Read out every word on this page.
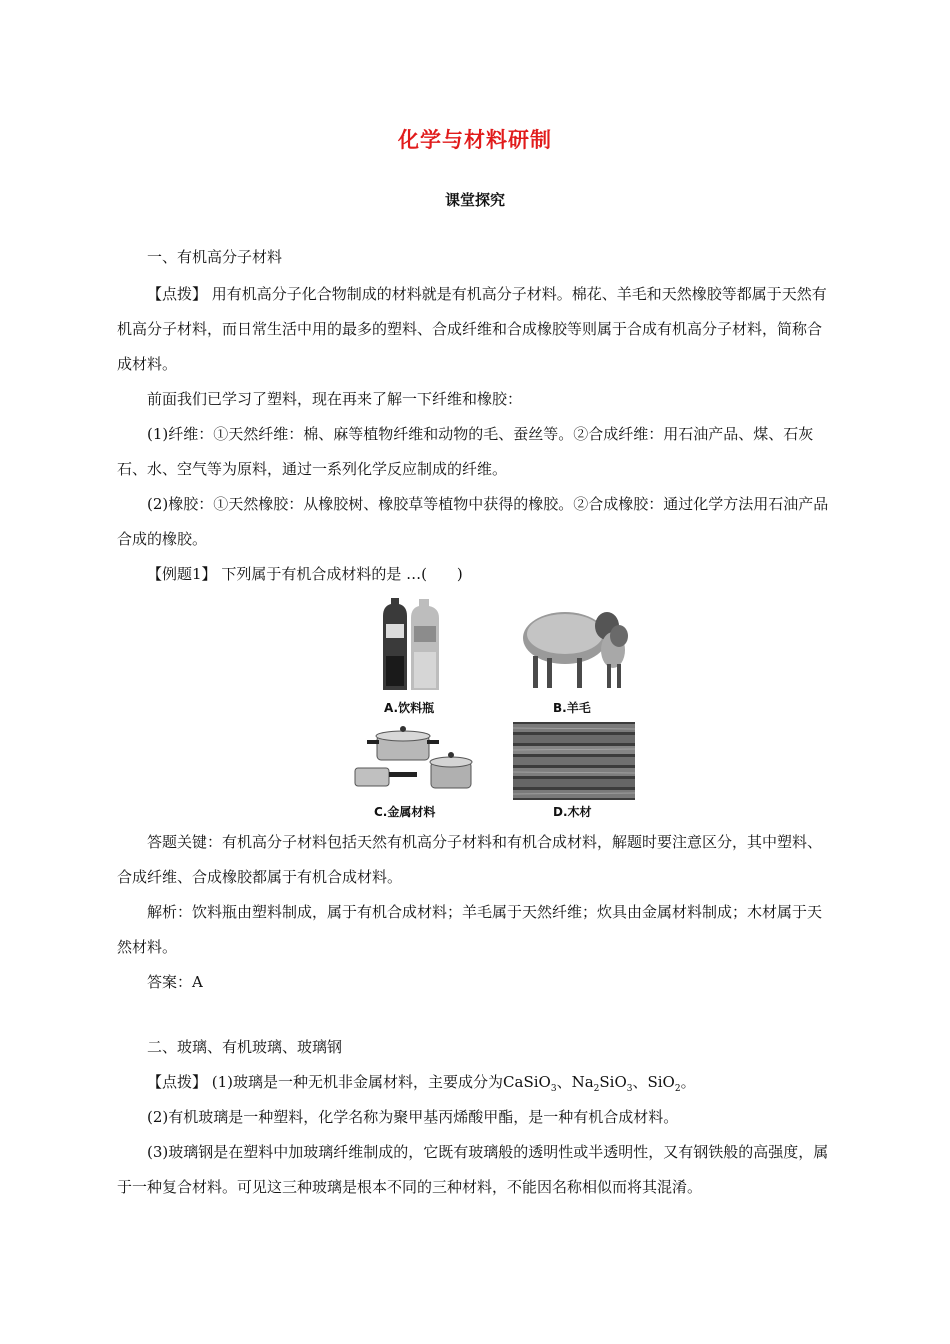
化学与材料研制
课堂探究

一、有机高分子材料

【点拨】 用有机高分子化合物制成的材料就是有机高分子材料。棉花、羊毛和天然橡胶等都属于天然有机高分子材料，而日常生活中用的最多的塑料、合成纤维和合成橡胶等则属于合成有机高分子材料，简称合成材料。

前面我们已学习了塑料，现在再来了解一下纤维和橡胶：

(1)纤维：①天然纤维：棉、麻等植物纤维和动物的毛、蚕丝等。②合成纤维：用石油产品、煤、石灰石、水、空气等为原料，通过一系列化学反应制成的纤维。

(2)橡胶：①天然橡胶：从橡胶树、橡胶草等植物中获得的橡胶。②合成橡胶：通过化学方法用石油产品合成的橡胶。

【例题1】 下列属于有机合成材料的是 …(　　)

A.饮料瓶	B.羊毛
C.金属材料	D.木材

答题关键：有机高分子材料包括天然有机高分子材料和有机合成材料，解题时要注意区分，其中塑料、合成纤维、合成橡胶都属于有机合成材料。

解析：饮料瓶由塑料制成，属于有机合成材料；羊毛属于天然纤维；炊具由金属材料制成；木材属于天然材料。

答案：A

二、玻璃、有机玻璃、玻璃钢

【点拨】 (1)玻璃是一种无机非金属材料，主要成分为CaSiO$_3$、$Na_2SiO_3$、SiO$_2$。

(2)有机玻璃是一种塑料，化学名称为聚甲基丙烯酸甲酯，是一种有机合成材料。

(3)玻璃钢是在塑料中加玻璃纤维制成的，它既有玻璃般的透明性或半透明性，又有钢铁般的高强度，属于一种复合材料。可见这三种玻璃是根本不同的三种材料，不能因名称相似而将其混淆。
